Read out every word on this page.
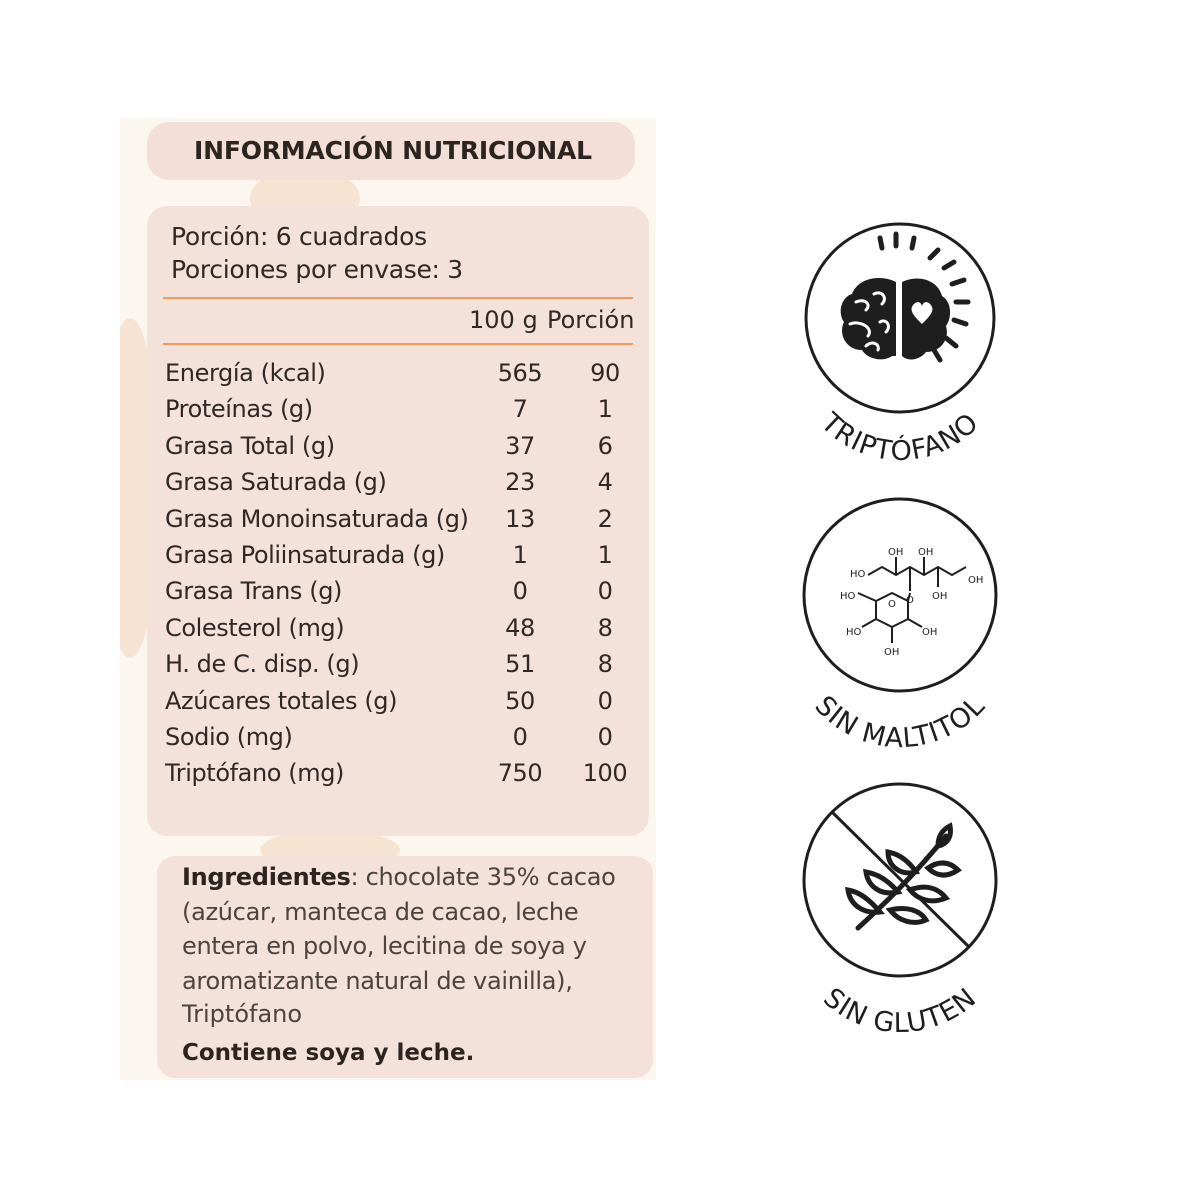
INFORMACIÓN NUTRICIONAL
Porción: 6 cuadrados
Porciones por envase: 3
100 g Porción
Energía (kcal)	565	90
Proteínas (g)	7	1
Grasa Total (g)	37	6
Grasa Saturada (g)	23	4
Grasa Monoinsaturada (g)	13	2
Grasa Poliinsaturada (g)	1	1
Grasa Trans (g)	0	0
Colesterol (mg)	48	8
H. de C. disp. (g)	51	8
Azúcares totales (g)	50	0
Sodio (mg)	0	0
Triptófano (mg)	750	100
Ingredientes: chocolate 35% cacao (azúcar, manteca de cacao, leche entera en polvo, lecitina de soya y aromatizante natural de vainilla),
Triptófano
Contiene soya y leche.
TRIPTÓFANO
HO
OH OH
OH
OH
O
O
HO
HO
OH
OH
SIN MALTITOL
SIN GLUTEN
